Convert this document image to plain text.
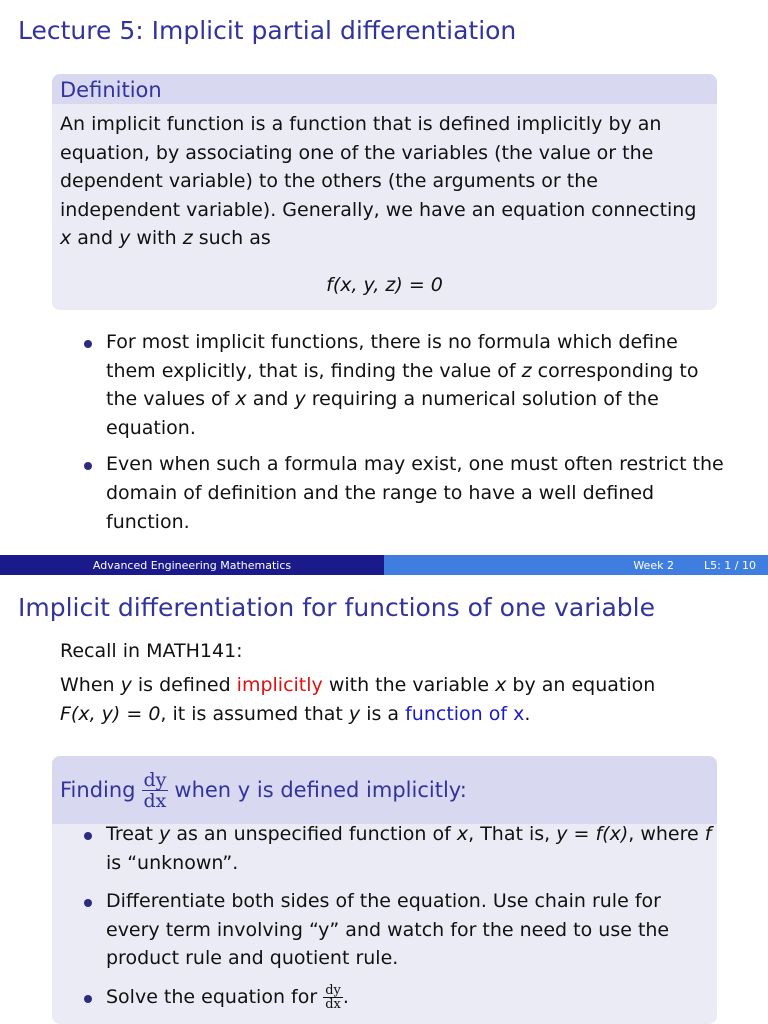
Lecture 5: Implicit partial differentiation
Definition
An implicit function is a function that is defined implicitly by an equation, by associating one of the variables (the value or the dependent variable) to the others (the arguments or the independent variable). Generally, we have an equation connecting x and y with z such as
f(x, y, z) = 0
For most implicit functions, there is no formula which define them explicitly, that is, finding the value of z corresponding to the values of x and y requiring a numerical solution of the equation.
Even when such a formula may exist, one must often restrict the domain of definition and the range to have a well defined function.
Advanced Engineering Mathematics	Week 2	L5: 1 / 10
Implicit differentiation for functions of one variable
Recall in MATH141:
When y is defined implicitly with the variable x by an equation
F(x, y) = 0, it is assumed that y is a function of x.
Finding $\frac{dy}{dx}$ when y is defined implicitly:
Treat y as an unspecified function of x, That is, y = f(x), where f is “unknown”.
Differentiate both sides of the equation. Use chain rule for every term involving “y” and watch for the need to use the product rule and quotient rule.
Solve the equation for $\frac{dy}{dx}$ .
